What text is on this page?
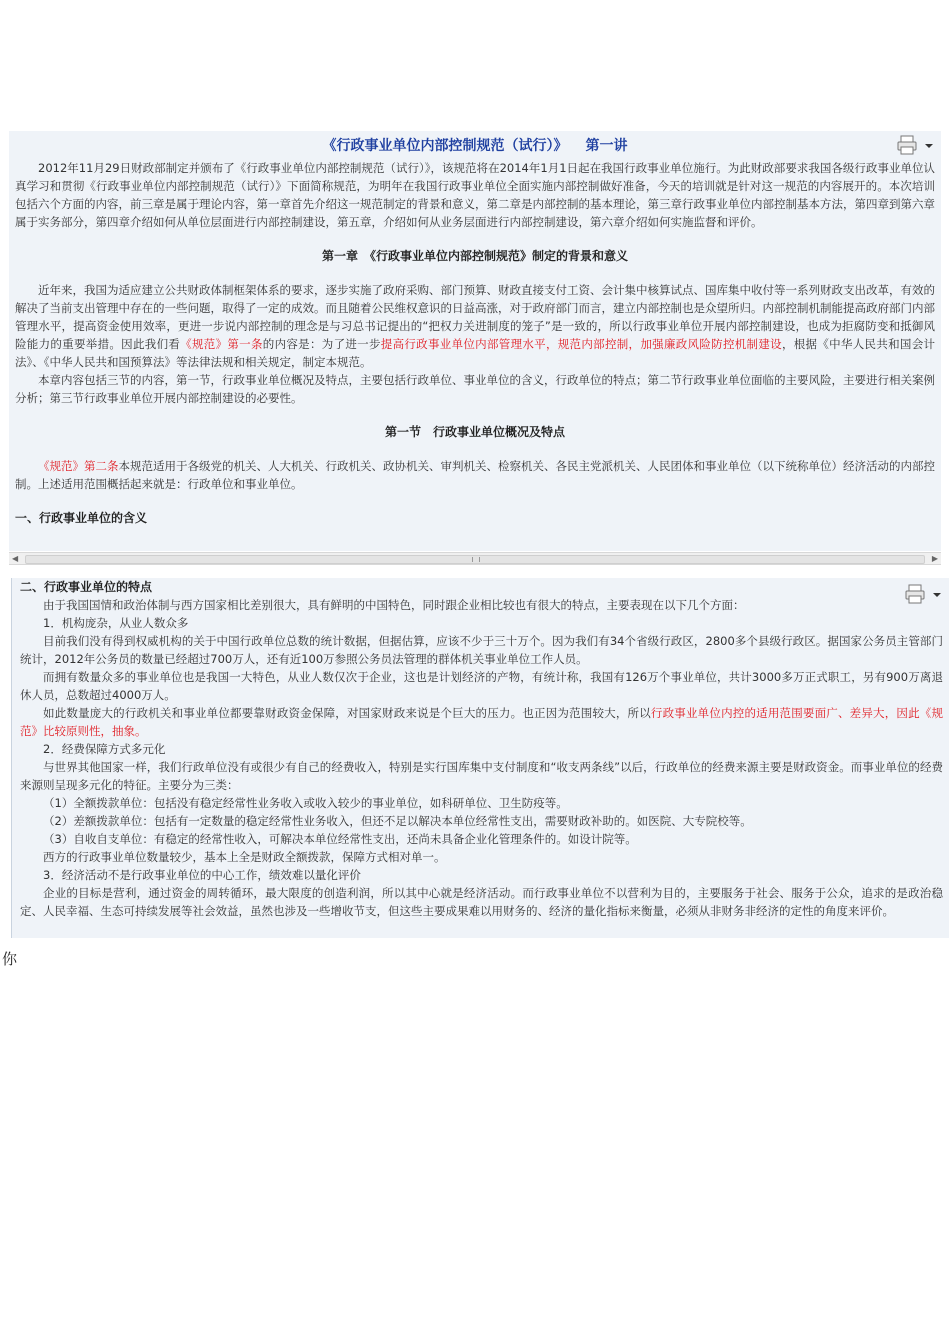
《行政事业单位内部控制规范（试行）》 第一讲

2012年11月29日财政部制定并颁布了《行政事业单位内部控制规范（试行）》，该规范将在2014年1月1日起在我国行政事业单位施行。为此财政部要求我国各级行政事业单位认真学习和贯彻《行政事业单位内部控制规范（试行）》下面简称规范，为明年在我国行政事业单位全面实施内部控制做好准备，今天的培训就是针对这一规范的内容展开的。本次培训包括六个方面的内容，前三章是属于理论内容，第一章首先介绍这一规范制定的背景和意义，第二章是内部控制的基本理论，第三章行政事业单位内部控制基本方法，第四章到第六章属于实务部分，第四章介绍如何从单位层面进行内部控制建设，第五章，介绍如何从业务层面进行内部控制建设，第六章介绍如何实施监督和评价。

第一章　《行政事业单位内部控制规范》制定的背景和意义

近年来，我国为适应建立公共财政体制框架体系的要求，逐步实施了政府采购、部门预算、财政直接支付工资、会计集中核算试点、国库集中收付等一系列财政支出改革，有效的解决了当前支出管理中存在的一些问题，取得了一定的成效。而且随着公民维权意识的日益高涨，对于政府部门而言，建立内部控制也是众望所归。内部控制机制能提高政府部门内部管理水平，提高资金使用效率，更进一步说内部控制的理念是与习总书记提出的“把权力关进制度的笼子”是一致的，所以行政事业单位开展内部控制建设，也成为拒腐防变和抵御风险能力的重要举措。因此我们看《规范》第一条的内容是：为了进一步提高行政事业单位内部管理水平，规范内部控制，加强廉政风险防控机制建设，根据《中华人民共和国会计法》、《中华人民共和国预算法》等法律法规和相关规定，制定本规范。

本章内容包括三节的内容，第一节，行政事业单位概况及特点，主要包括行政单位、事业单位的含义，行政单位的特点；第二节行政事业单位面临的主要风险，主要进行相关案例分析；第三节行政事业单位开展内部控制建设的必要性。

第一节　行政事业单位概况及特点

《规范》第二条本规范适用于各级党的机关、人大机关、行政机关、政协机关、审判机关、检察机关、各民主党派机关、人民团体和事业单位（以下统称单位）经济活动的内部控制。上述适用范围概括起来就是：行政单位和事业单位。

一、行政事业单位的含义
◀	▶
二、行政事业单位的特点

由于我国国情和政治体制与西方国家相比差别很大，具有鲜明的中国特色，同时跟企业相比较也有很大的特点，主要表现在以下几个方面：

1．机构庞杂，从业人数众多

目前我们没有得到权威机构的关于中国行政单位总数的统计数据，但据估算，应该不少于三十万个。因为我们有34个省级行政区，2800多个县级行政区。据国家公务员主管部门统计，2012年公务员的数量已经超过700万人，还有近100万参照公务员法管理的群体机关事业单位工作人员。

而拥有数量众多的事业单位也是我国一大特色，从业人数仅次于企业，这也是计划经济的产物，有统计称，我国有126万个事业单位，共计3000多万正式职工，另有900万离退休人员，总数超过4000万人。

如此数量庞大的行政机关和事业单位都要靠财政资金保障，对国家财政来说是个巨大的压力。也正因为范围较大，所以行政事业单位内控的适用范围要面广、差异大，因此《规范》比较原则性，抽象。

2．经费保障方式多元化

与世界其他国家一样，我们行政单位没有或很少有自己的经费收入，特别是实行国库集中支付制度和“收支两条线”以后，行政单位的经费来源主要是财政资金。而事业单位的经费来源则呈现多元化的特征。主要分为三类：

（1）全额拨款单位：包括没有稳定经常性业务收入或收入较少的事业单位，如科研单位、卫生防疫等。

（2）差额拨款单位：包括有一定数量的稳定经常性业务收入，但还不足以解决本单位经常性支出，需要财政补助的。如医院、大专院校等。

（3）自收自支单位：有稳定的经常性收入，可解决本单位经常性支出，还尚未具备企业化管理条件的。如设计院等。

西方的行政事业单位数量较少，基本上全是财政全额拨款，保障方式相对单一。

3．经济活动不是行政事业单位的中心工作，绩效难以量化评价

企业的目标是营利，通过资金的周转循环，最大限度的创造利润，所以其中心就是经济活动。而行政事业单位不以营利为目的，主要服务于社会、服务于公众，追求的是政治稳定、人民幸福、生态可持续发展等社会效益，虽然也涉及一些增收节支，但这些主要成果难以用财务的、经济的量化指标来衡量，必须从非财务非经济的定性的角度来评价。

你
